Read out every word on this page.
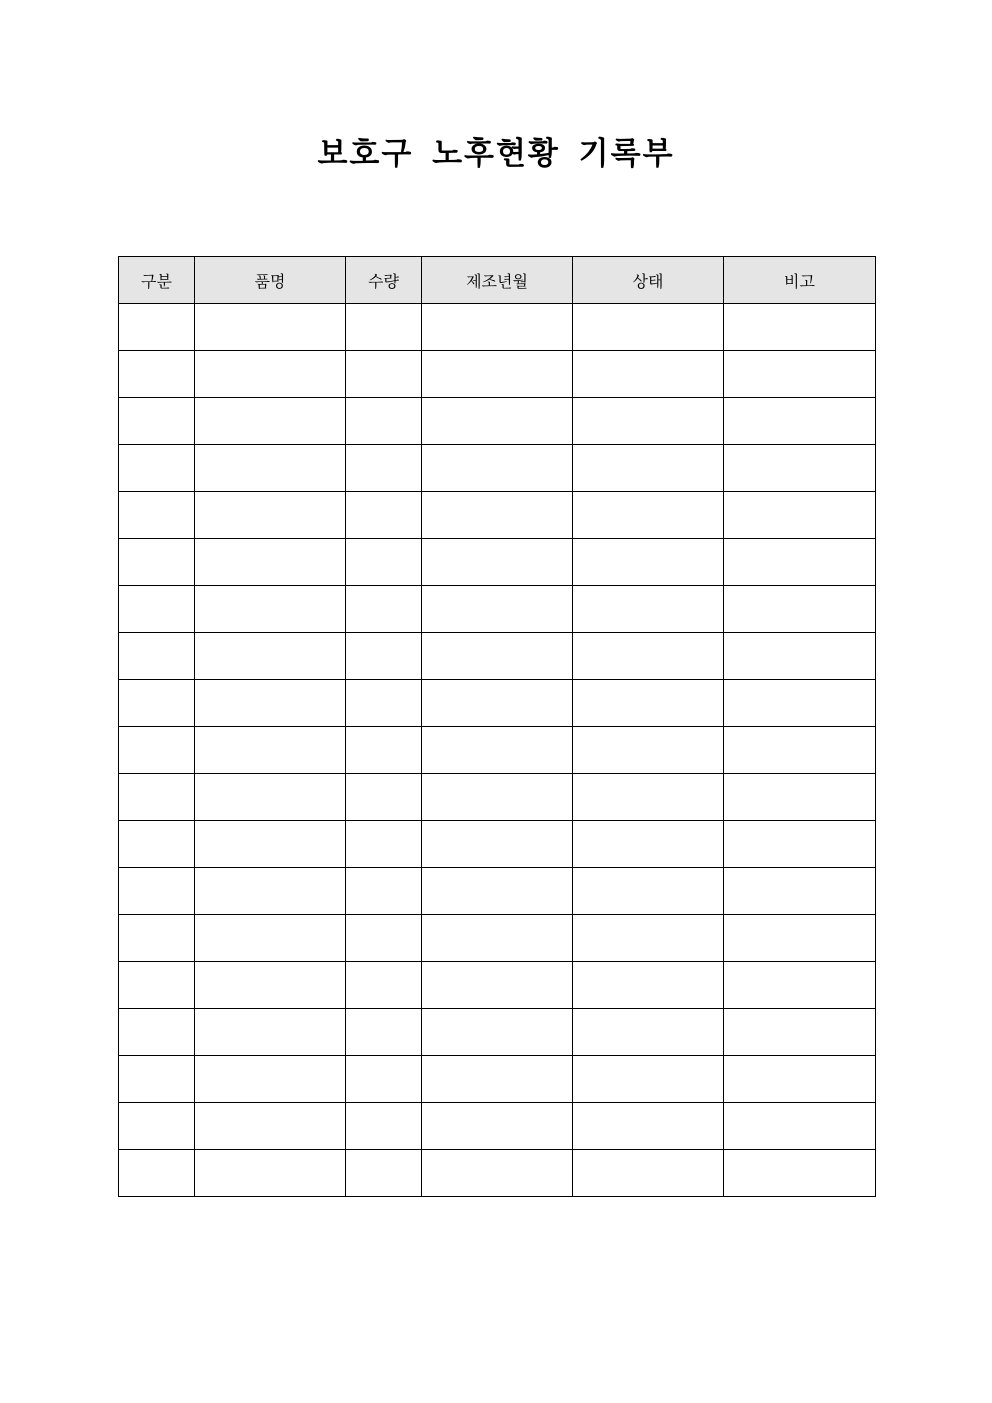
보호구 노후현황 기록부
구분	품명	수량	제조년월	상태	비고
